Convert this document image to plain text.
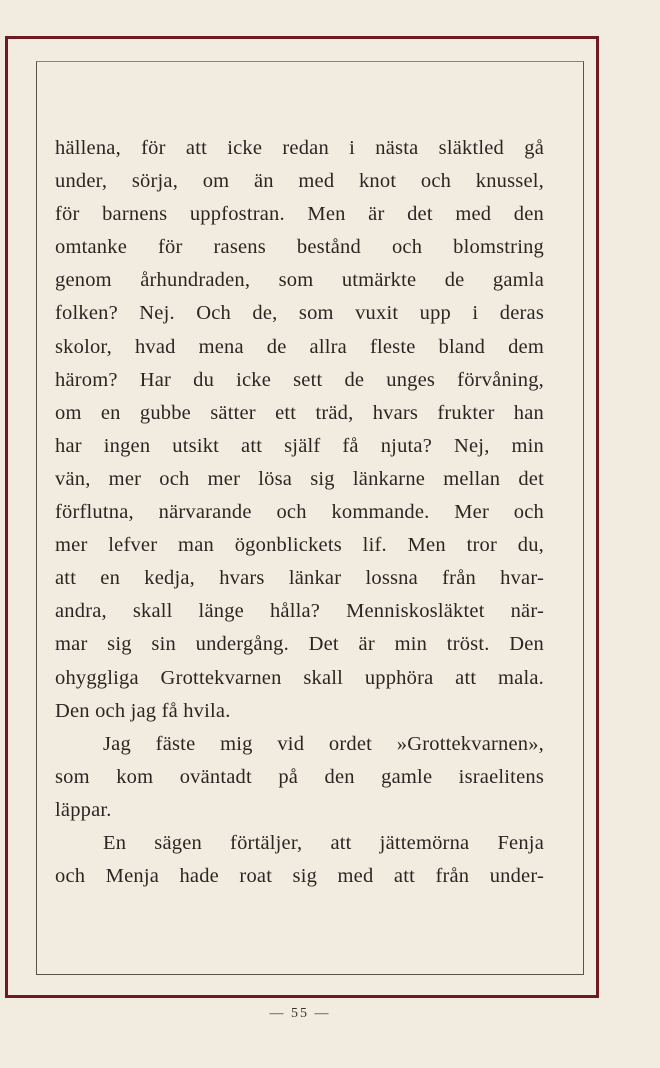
hällena, för att icke redan i nästa släktled gå
under, sörja, om än med knot och knussel,
för barnens uppfostran. Men är det med den
omtanke för rasens bestånd och blomstring
genom århundraden, som utmärkte de gamla
folken? Nej. Och de, som vuxit upp i deras
skolor, hvad mena de allra fleste bland dem
härom? Har du icke sett de unges förvåning,
om en gubbe sätter ett träd, hvars frukter han
har ingen utsikt att själf få njuta? Nej, min
vän, mer och mer lösa sig länkarne mellan det
förflutna, närvarande och kommande. Mer och
mer lefver man ögonblickets lif. Men tror du,
att en kedja, hvars länkar lossna från hvar-
andra, skall länge hålla? Menniskosläktet när-
mar sig sin undergång. Det är min tröst. Den
ohyggliga Grottekvarnen skall upphöra att mala.
Den och jag få hvila.
Jag fäste mig vid ordet »Grottekvarnen»,
som kom oväntadt på den gamle israelitens
läppar.
En sägen förtäljer, att jättemörna Fenja
och Menja hade roat sig med att från under-
— 55 —
